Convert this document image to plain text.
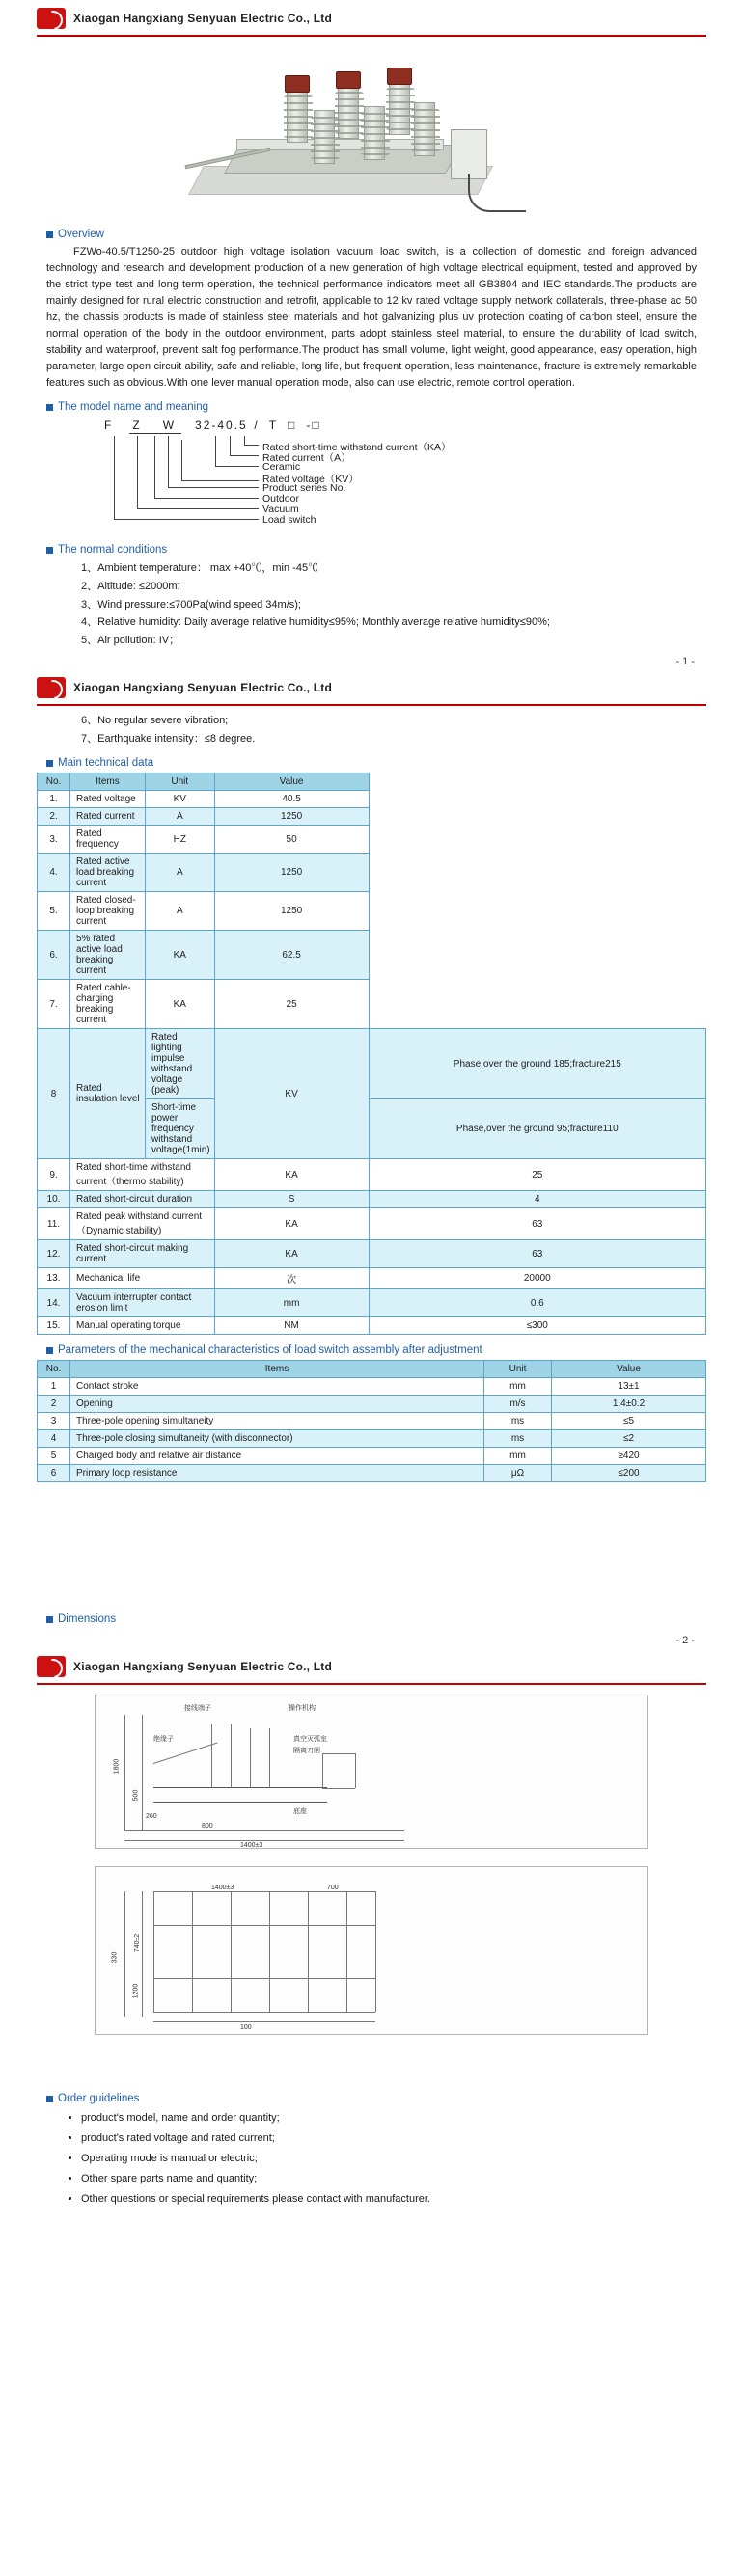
Xiaogan Hangxiang Senyuan Electric Co., Ltd
Overview

FZWo-40.5/T1250-25 outdoor high voltage isolation vacuum load switch, is a collection of domestic and foreign advanced technology and research and development production of a new generation of high voltage electrical equipment, tested and approved by the strict type test and long term operation, the technical performance indicators meet all GB3804 and IEC standards.The products are mainly designed for rural electric construction and retrofit, applicable to 12 kv rated voltage supply network collaterals, three-phase ac 50 hz, the chassis products is made of stainless steel materials and hot galvanizing plus uv protection coating of carbon steel, ensure the normal operation of the body in the outdoor environment, parts adopt stainless steel material, to ensure the durability of load switch, stability and waterproof, prevent salt fog performance.The product has small volume, light weight, good appearance, easy operation, high parameter, large open circuit ability, safe and reliable, long life, but frequent operation, less maintenance, fracture is extremely remarkable features such as obvious.With one lever manual operation mode, also can use electric, remote control operation.

The model name and meaning
F Z W 32-40.5 / T □ -□
Rated short-time withstand current（KA）
Rated current（A）
Ceramic
Rated voltage（KV）
Product series No.
Outdoor
Vacuum
Load switch
The normal conditions
1、Ambient temperature： max +40℃，min -45℃
2、Altitude: ≤2000m;
3、Wind pressure:≤700Pa(wind speed 34m/s);
4、Relative humidity: Daily average relative humidity≤95%; Monthly average relative humidity≤90%;
5、Air pollution: IV；
- 1 -
Xiaogan Hangxiang Senyuan Electric Co., Ltd
6、No regular severe vibration;
7、Earthquake intensity：≤8 degree.
Main technical data
No.	Items	Unit	Value	
1.	Rated voltage	KV	40.5	
2.	Rated current	A	1250	
3.	Rated frequency	HZ	50	
4.	Rated active load breaking current	A	1250	
5.	Rated closed-loop breaking current	A	1250	
6.	5% rated active load breaking current	KA	62.5	
7.	Rated cable-charging breaking current	KA	25	
8	Rated insulation level	Rated lighting impulse withstand voltage (peak)	KV	Phase,over the ground 185;fracture215
		Short-time power frequency withstand voltage(1min)		Phase,over the ground 95;fracture110
9.	Rated short-time withstand current（thermo stability)		KA	25
10.	Rated short-circuit duration		S	4
11.	Rated peak withstand current（Dynamic stability)		KA	63
12.	Rated short-circuit making current		KA	63
13.	Mechanical life		次	20000
14.	Vacuum interrupter contact erosion limit		mm	0.6
15.	Manual operating torque		NM	≤300
Parameters of the mechanical characteristics of load switch assembly after adjustment
No.	Items	Unit	Value
1	Contact stroke	mm	13±1
2	Opening	m/s	1.4±0.2
3	Three-pole opening simultaneity	ms	≤5
4	Three-pole closing simultaneity (with disconnector)	ms	≤2
5	Charged body and relative air distance	mm	≥420
6	Primary loop resistance	μΩ	≤200
Dimensions
- 2 -
Xiaogan Hangxiang Senyuan Electric Co., Ltd
接线端子	操作机构
真空灭弧室
隔离刀闸
底座
1400±3
1800
500
260
800
绝缘子
330
740±2
1200
100
700
1400±3
Order guidelines
• product's model, name and order quantity;
• product's rated voltage and rated current;
• Operating mode is manual or electric;
• Other spare parts name and quantity;
• Other questions or special requirements please contact with manufacturer.
